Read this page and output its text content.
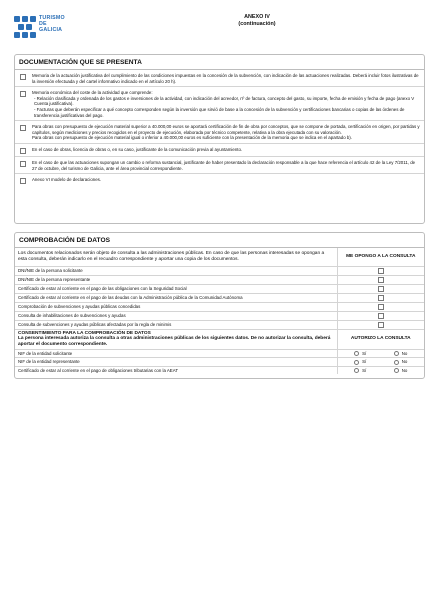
TURISMO
DE
GALICIA
ANEXO IV
(continuación)
DOCUMENTACIÓN QUE SE PRESENTA
Memoria de la actuación justificativa del cumplimiento de las condiciones impuestas en la concesión de la subvención, con indicación de las actuaciones realizadas. Deberá incluir fotos ilustrativas de la inversión efectuada y del cartel informativo indicado en el artículo 20 h).
Memoria económica del coste de la actividad que comprende:
- Relación clasificada y ordenada de los gastos e inversiones de la actividad, con indicación del acreedor, nº de factura, concepto del gasto, su importe, fecha de emisión y fecha de pago (anexo V Cuenta justificativa).
- Facturas que deberán especificar a qué concepto corresponden según la inversión que sirvió de base a la concesión de la subvención y certificaciones bancarias o copias de las órdenes de transferencia justificativas del pago.
Para obras con presupuesto de ejecución material superior a 40.000,00 euros se aportará certificación de fin de obra por conceptos, que se compone de portada, certificación en origen, por partidas y capítulos, según mediciones y precios recogidos en el proyecto de ejecución, elaborada por técnico competente, relativa a la obra ejecutada con su valoración.
Para obras con presupuesto de ejecución material igual o inferior a 40.000,00 euros es suficiente con la presentación de la memoria que se indica en el apartado b).
En el caso de obras, licencia de obras o, en su caso, justificante de la comunicación previa al ayuntamiento.
En el caso de que las actuaciones supongan un cambio o reforma sustancial, justificante de haber presentado la declaración responsable a la que hace referencia el artículo 42 de la Ley 7/2011, de 27 de octubre, del turismo de Galicia, ante el área provincial correspondiente.
Anexo VI modelo de declaraciones.
COMPROBACIÓN DE DATOS
Los documentos relacionados serán objeto de consulta a las administraciones públicas. En caso de que las personas interesadas se opongan a esta consulta, deberán indicarlo en el recuadro correspondiente y aportar una copia de los documentos.	ME OPONGO A LA CONSULTA
DNI/NIE de la persona solicitante	
DNI/NIE de la persona representante	
Certificado de estar al corriente en el pago de las obligaciones con la Seguridad Social	
Certificado de estar al corriente en el pago de las deudas con la Administración pública de la Comunidad Autónoma	
Comprobación de subvenciones y ayudas públicas concedidas	
Consulta de inhabilitaciones de subvenciones y ayudas	
Consulta de subvenciones y ayudas públicas afectadas por la regla de minimis	

CONSENTIMIENTO PARA LA COMPROBACIÓN DE DATOS
La persona interesada autoriza la consulta a otras administraciones públicas de los siguientes datos. De no autorizar la consulta, deberá aportar el documento correspondiente.	AUTORIZO LA CONSULTA
NIF de la entidad solicitante	Sí No

NIF de la entidad representante	Sí No

Certificado de estar al corriente en el pago de obligaciones tributarias con la AEAT	Sí No
